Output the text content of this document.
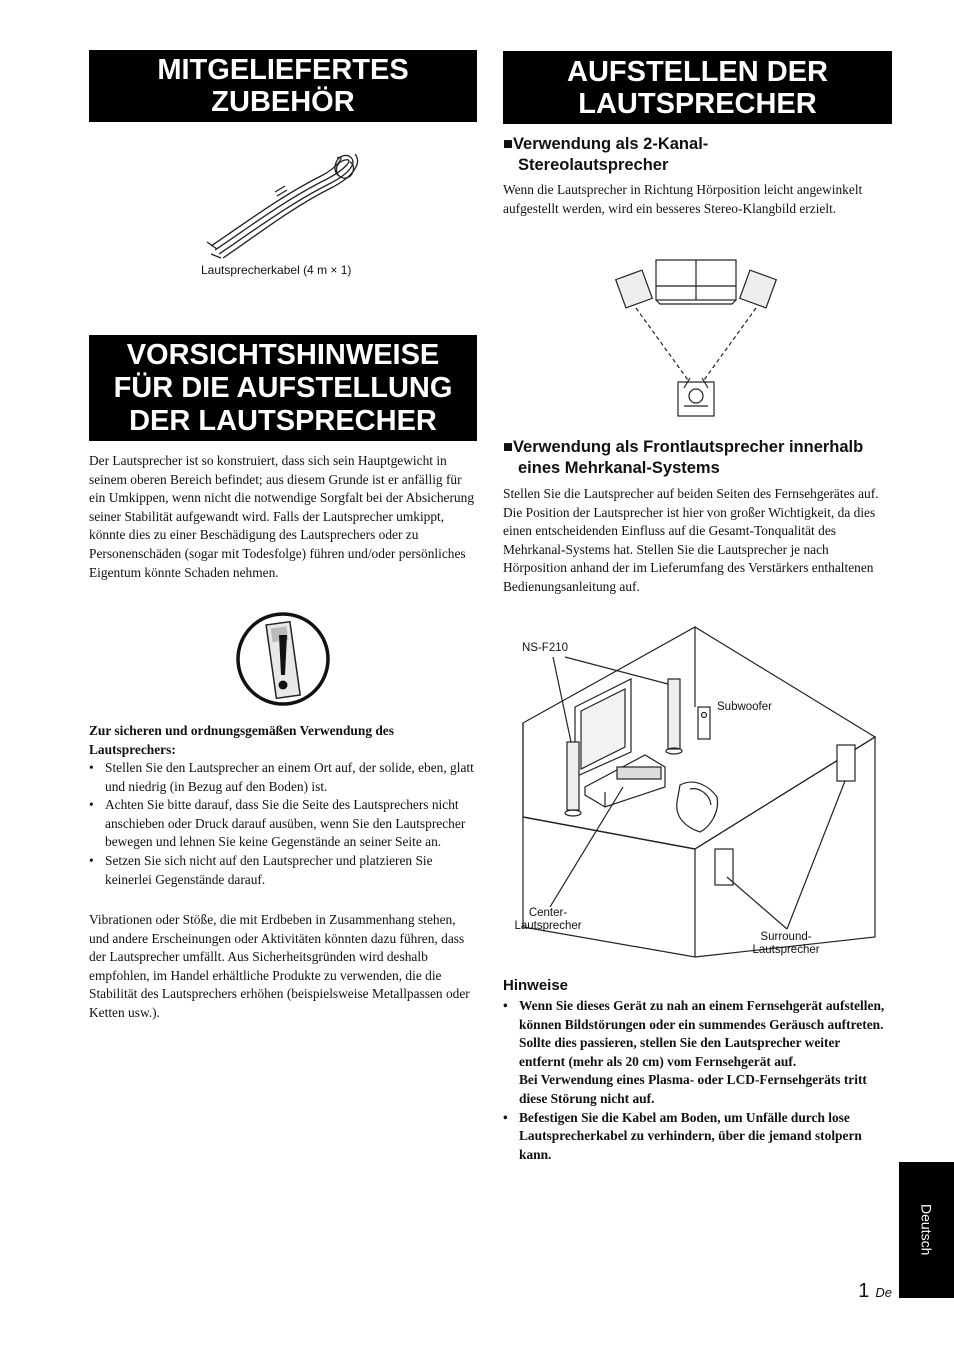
MITGELIEFERTES
ZUBEHÖR

Lautsprecherkabel (4 m × 1)

VORSICHTSHINWEISE
FÜR DIE AUFSTELLUNG
DER LAUTSPRECHER

Der Lautsprecher ist so konstruiert, dass sich sein Hauptgewicht in seinem oberen Bereich befindet; aus diesem Grunde ist er anfällig für ein Umkippen, wenn nicht die notwendige Sorgfalt bei der Absicherung seiner Stabilität aufgewandt wird. Falls der Lautsprecher umkippt, könnte dies zu einer Beschädigung des Lautsprechers oder zu Personenschäden (sogar mit Todesfolge) führen und/oder persönliches Eigentum könnte Schaden nehmen.

Zur sicheren und ordnungsgemäßen Verwendung des Lautsprechers:

• Stellen Sie den Lautsprecher an einem Ort auf, der solide, eben, glatt und niedrig (in Bezug auf den Boden) ist.
• Achten Sie bitte darauf, dass Sie die Seite des Lautsprechers nicht anschieben oder Druck darauf ausüben, wenn Sie den Lautsprecher bewegen und lehnen Sie keine Gegenstände an seiner Seite an.
• Setzen Sie sich nicht auf den Lautsprecher und platzieren Sie keinerlei Gegenstände darauf.

Vibrationen oder Stöße, die mit Erdbeben in Zusammenhang stehen, und andere Erscheinungen oder Aktivitäten könnten dazu führen, dass der Lautsprecher umfällt. Aus Sicherheitsgründen wird deshalb empfohlen, im Handel erhältliche Produkte zu verwenden, die die Stabilität des Lautsprechers erhöhen (beispielsweise Metallpassen oder Ketten usw.).

AUFSTELLEN DER
LAUTSPRECHER

■Verwendung als 2-Kanal-Stereolautsprecher

Wenn die Lautsprecher in Richtung Hörposition leicht angewinkelt aufgestellt werden, wird ein besseres Stereo-Klangbild erzielt.

■Verwendung als Frontlautsprecher innerhalb eines Mehrkanal-Systems

Stellen Sie die Lautsprecher auf beiden Seiten des Fernsehgerätes auf. Die Position der Lautsprecher ist hier von großer Wichtigkeit, da dies einen entscheidenden Einfluss auf die Gesamt-Tonqualität des Mehrkanal-Systems hat. Stellen Sie die Lautsprecher je nach Hörposition anhand der im Lieferumfang des Verstärkers enthaltenen Bedienungsanleitung auf.

NS-F210
Subwoofer
Center-
Lautsprecher
Surround-
Lautsprecher

Hinweise

• Wenn Sie dieses Gerät zu nah an einem Fernsehgerät aufstellen, können Bildstörungen oder ein summendes Geräusch auftreten. Sollte dies passieren, stellen Sie den Lautsprecher weiter entfernt (mehr als 20 cm) vom Fernsehgerät auf.
Bei Verwendung eines Plasma- oder LCD-Fernsehgeräts tritt diese Störung nicht auf.
• Befestigen Sie die Kabel am Boden, um Unfälle durch lose Lautsprecherkabel zu verhindern, über die jemand stolpern kann.
Deutsch
1 De
